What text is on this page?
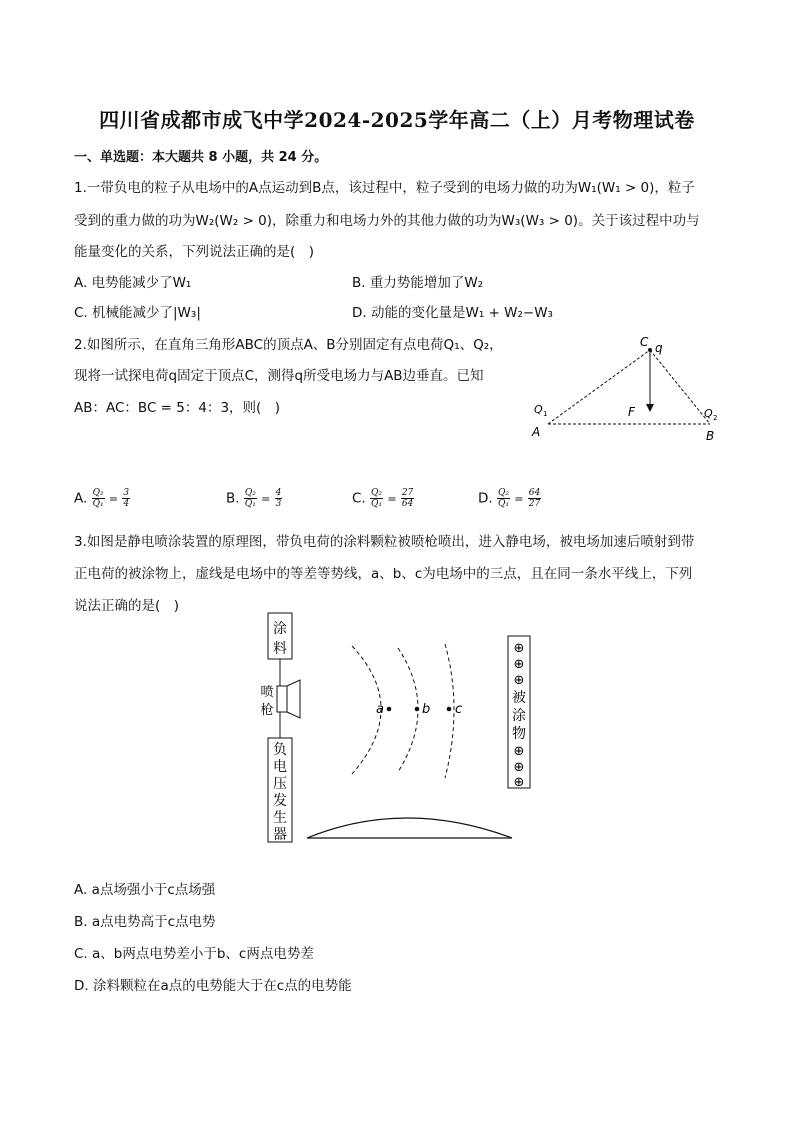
四川省成都市成飞中学2024-2025学年高二（上）月考物理试卷
一、单选题：本大题共 8 小题，共 24 分。
1.一带负电的粒子从电场中的A点运动到B点，该过程中，粒子受到的电场力做的功为W₁(W₁ > 0)，粒子
受到的重力做的功为W₂(W₂ > 0)，除重力和电场力外的其他力做的功为W₃(W₃ > 0)。关于该过程中功与
能量变化的关系，下列说法正确的是(　)
A. 电势能减少了W₁	B. 重力势能增加了W₂
C. 机械能减少了|W₃|	D. 动能的变化量是W₁ + W₂−W₃
2.如图所示，在直角三角形ABC的顶点A、B分别固定有点电荷Q₁、Q₂，
现将一试探电荷q固定于顶点C，测得q所受电场力与AB边垂直。已知
AB：AC：BC = 5：4：3，则(　)
C q
F
Q 1
A
Q 2
B
A. $\frac{\text{Q₂}}{\text{Q₁}} = \frac{3}{4}$	B. $\frac{\text{Q₂}}{\text{Q₁}} = \frac{4}{3}$	C. $\frac{\text{Q₂}}{\text{Q₁}} = \frac{27}{64}$	D. $\frac{\text{Q₂}}{\text{Q₁}} = \frac{64}{27}$
3.如图是静电喷涂装置的原理图，带负电荷的涂料颗粒被喷枪喷出，进入静电场，被电场加速后喷射到带
正电荷的被涂物上，虚线是电场中的等差等势线，a、b、c为电场中的三点，且在同一条水平线上，下列
说法正确的是(　)
涂
料
喷
枪
负
电
压
发
生
器
a	b c
⊕
⊕
⊕
被
涂
物
⊕
⊕
⊕
A. a点场强小于c点场强
B. a点电势高于c点电势
C. a、b两点电势差小于b、c两点电势差
D. 涂料颗粒在a点的电势能大于在c点的电势能
